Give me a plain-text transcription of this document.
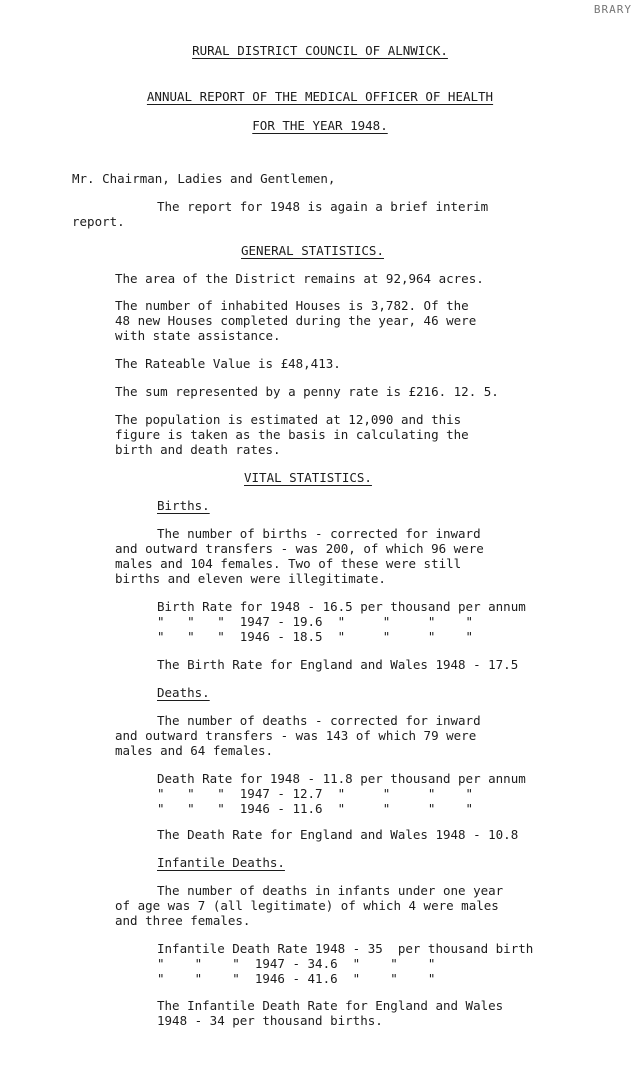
BRARY
RURAL DISTRICT COUNCIL OF ALNWICK.
ANNUAL REPORT OF THE MEDICAL OFFICER OF HEALTH
FOR THE YEAR 1948.
Mr. Chairman, Ladies and Gentlemen,
The report for 1948 is again a brief interim
report.
GENERAL STATISTICS.
The area of the District remains at 92,964 acres.
The number of inhabited Houses is 3,782. Of the
48 new Houses completed during the year, 46 were
with state assistance.
The Rateable Value is £48,413.
The sum represented by a penny rate is £216. 12. 5.
The population is estimated at 12,090 and this
figure is taken as the basis in calculating the
birth and death rates.
VITAL STATISTICS.
Births.
The number of births - corrected for inward
and outward transfers - was 200, of which 96 were
males and 104 females. Two of these were still
births and eleven were illegitimate.
Birth Rate for 1948 - 16.5 per thousand per annum
"   "   "  1947 - 19.6  "     "     "    "
"   "   "  1946 - 18.5  "     "     "    "
The Birth Rate for England and Wales 1948 - 17.5
Deaths.
The number of deaths - corrected for inward
and outward transfers - was 143 of which 79 were
males and 64 females.
Death Rate for 1948 - 11.8 per thousand per annum
"   "   "  1947 - 12.7  "     "     "    "
"   "   "  1946 - 11.6  "     "     "    "
The Death Rate for England and Wales 1948 - 10.8
Infantile Deaths.
The number of deaths in infants under one year
of age was 7 (all legitimate) of which 4 were males
and three females.
Infantile Death Rate 1948 - 35  per thousand birth
"    "    "  1947 - 34.6  "    "    "
"    "    "  1946 - 41.6  "    "    "
The Infantile Death Rate for England and Wales
1948 - 34 per thousand births.
